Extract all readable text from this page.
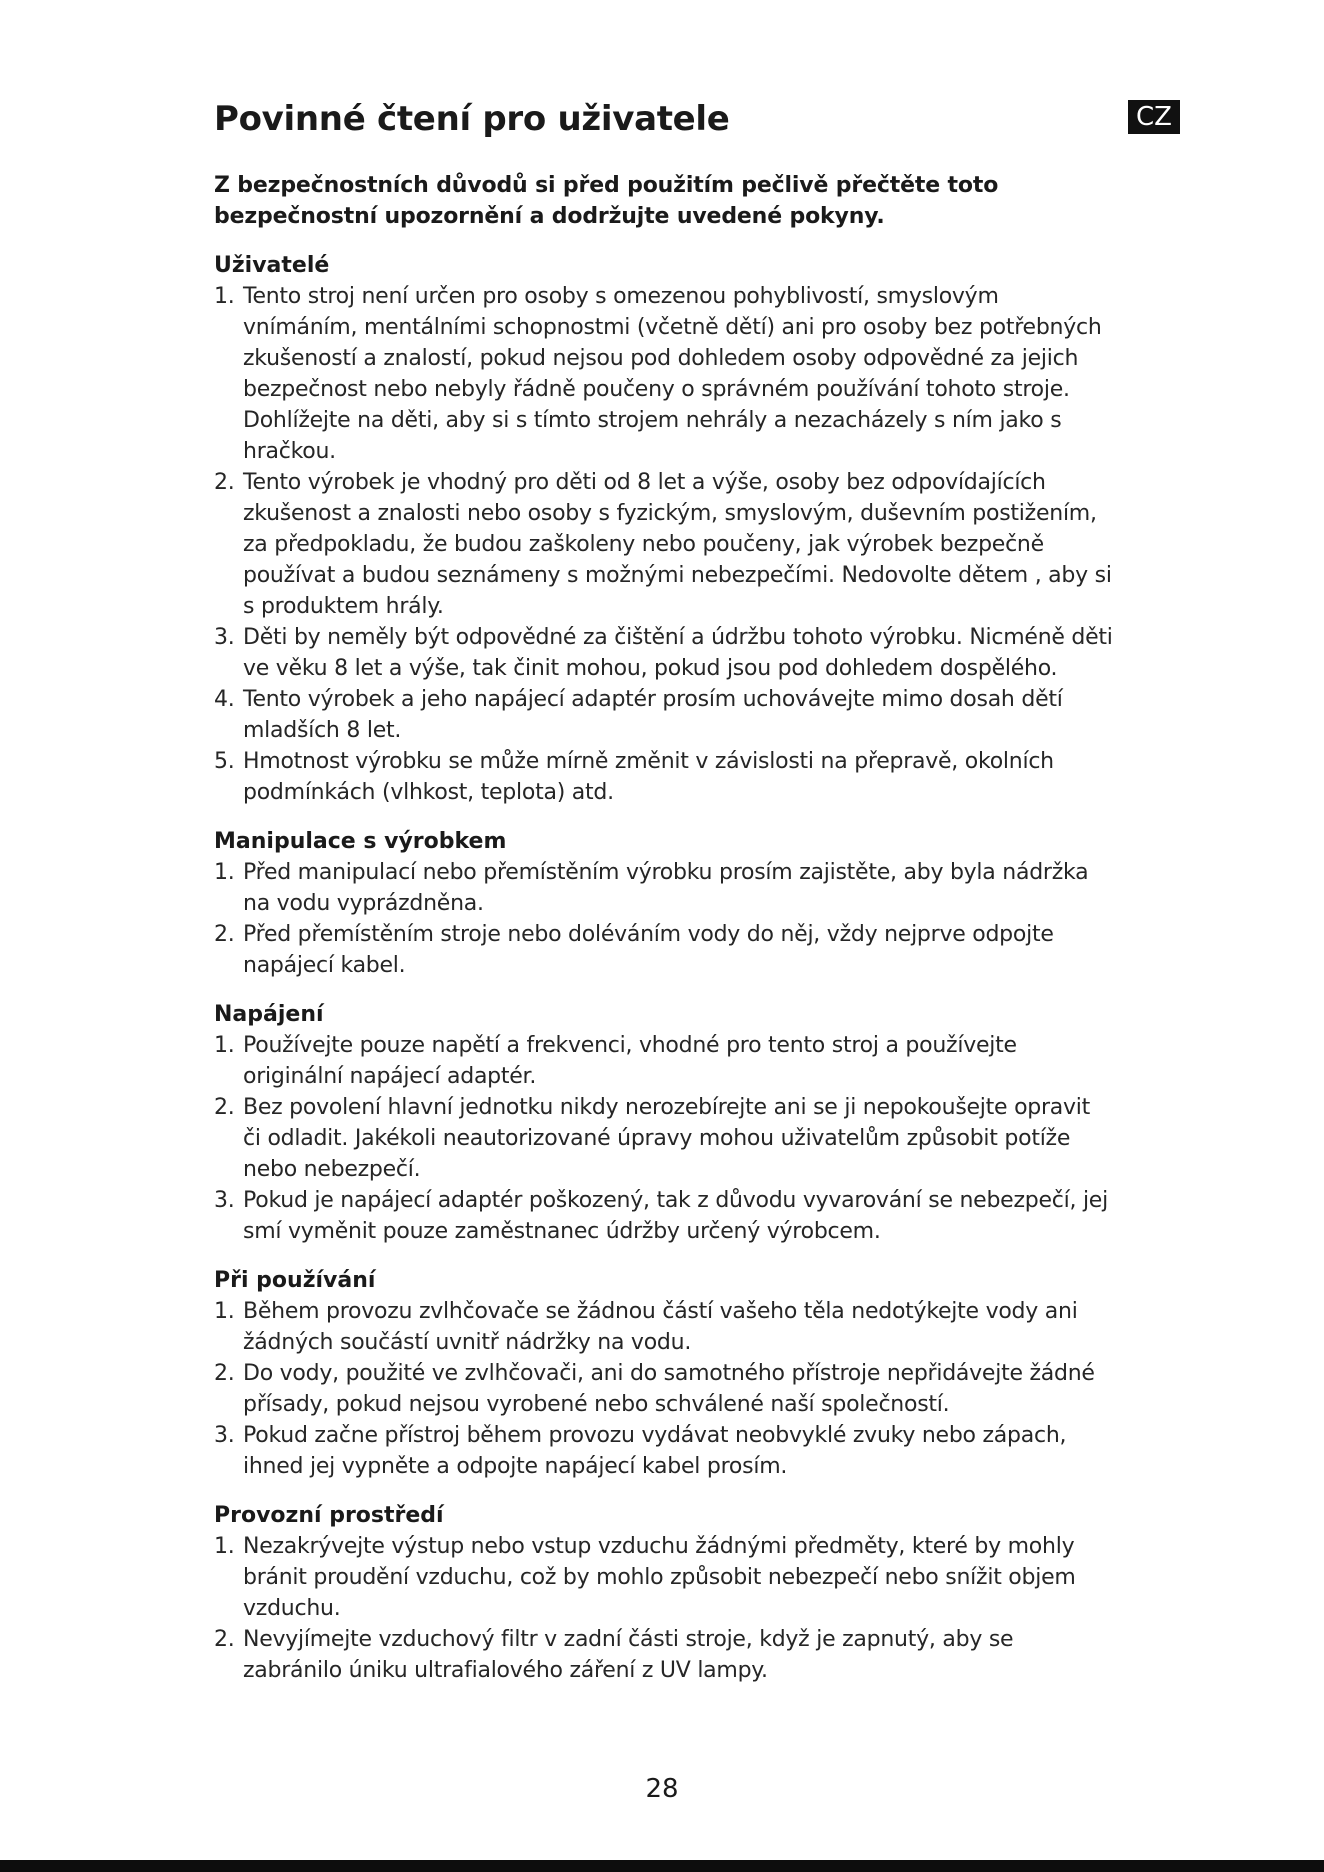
CZ
Povinné čtení pro uživatele

Z bezpečnostních důvodů si před použitím pečlivě přečtěte toto bezpečnostní upozornění a dodržujte uvedené pokyny.

Uživatelé
1. Tento stroj není určen pro osoby s omezenou pohyblivostí, smyslovým vnímáním, mentálními schopnostmi (včetně dětí) ani pro osoby bez potřebných zkušeností a znalostí, pokud nejsou pod dohledem osoby odpovědné za jejich bezpečnost nebo nebyly řádně poučeny o správném používání tohoto stroje. Dohlížejte na děti, aby si s tímto strojem nehrály a nezacházely s ním jako s hračkou.
2. Tento výrobek je vhodný pro děti od 8 let a výše, osoby bez odpovídajících zkušenost a znalosti nebo osoby s fyzickým, smyslovým, duševním postižením, za předpokladu, že budou zaškoleny nebo poučeny, jak výrobek bezpečně používat a budou seznámeny s možnými nebezpečími. Nedovolte dětem , aby si s produktem hrály.
3. Děti by neměly být odpovědné za čištění a údržbu tohoto výrobku. Nicméně děti ve věku 8 let a výše, tak činit mohou, pokud jsou pod dohledem dospělého.
4. Tento výrobek a jeho napájecí adaptér prosím uchovávejte mimo dosah dětí mladších 8 let.
5. Hmotnost výrobku se může mírně změnit v závislosti na přepravě, okolních podmínkách (vlhkost, teplota) atd.
Manipulace s výrobkem
1. Před manipulací nebo přemístěním výrobku prosím zajistěte, aby byla nádržka na vodu vyprázdněna.
2. Před přemístěním stroje nebo doléváním vody do něj, vždy nejprve odpojte napájecí kabel.
Napájení
1. Používejte pouze napětí a frekvenci, vhodné pro tento stroj a používejte originální napájecí adaptér.
2. Bez povolení hlavní jednotku nikdy nerozebírejte ani se ji nepokoušejte opravit či odladit. Jakékoli neautorizované úpravy mohou uživatelům způsobit potíže nebo nebezpečí.
3. Pokud je napájecí adaptér poškozený, tak z důvodu vyvarování se nebezpečí, jej smí vyměnit pouze zaměstnanec údržby určený výrobcem.
Při používání
1. Během provozu zvlhčovače se žádnou částí vašeho těla nedotýkejte vody ani žádných součástí uvnitř nádržky na vodu.
2. Do vody, použité ve zvlhčovači, ani do samotného přístroje nepřidávejte žádné přísady, pokud nejsou vyrobené nebo schválené naší společností.
3. Pokud začne přístroj během provozu vydávat neobvyklé zvuky nebo zápach, ihned jej vypněte a odpojte napájecí kabel prosím.
Provozní prostředí
1. Nezakrývejte výstup nebo vstup vzduchu žádnými předměty, které by mohly bránit proudění vzduchu, což by mohlo způsobit nebezpečí nebo snížit objem vzduchu.
2. Nevyjímejte vzduchový filtr v zadní části stroje, když je zapnutý, aby se zabránilo úniku ultrafialového záření z UV lampy.
28
